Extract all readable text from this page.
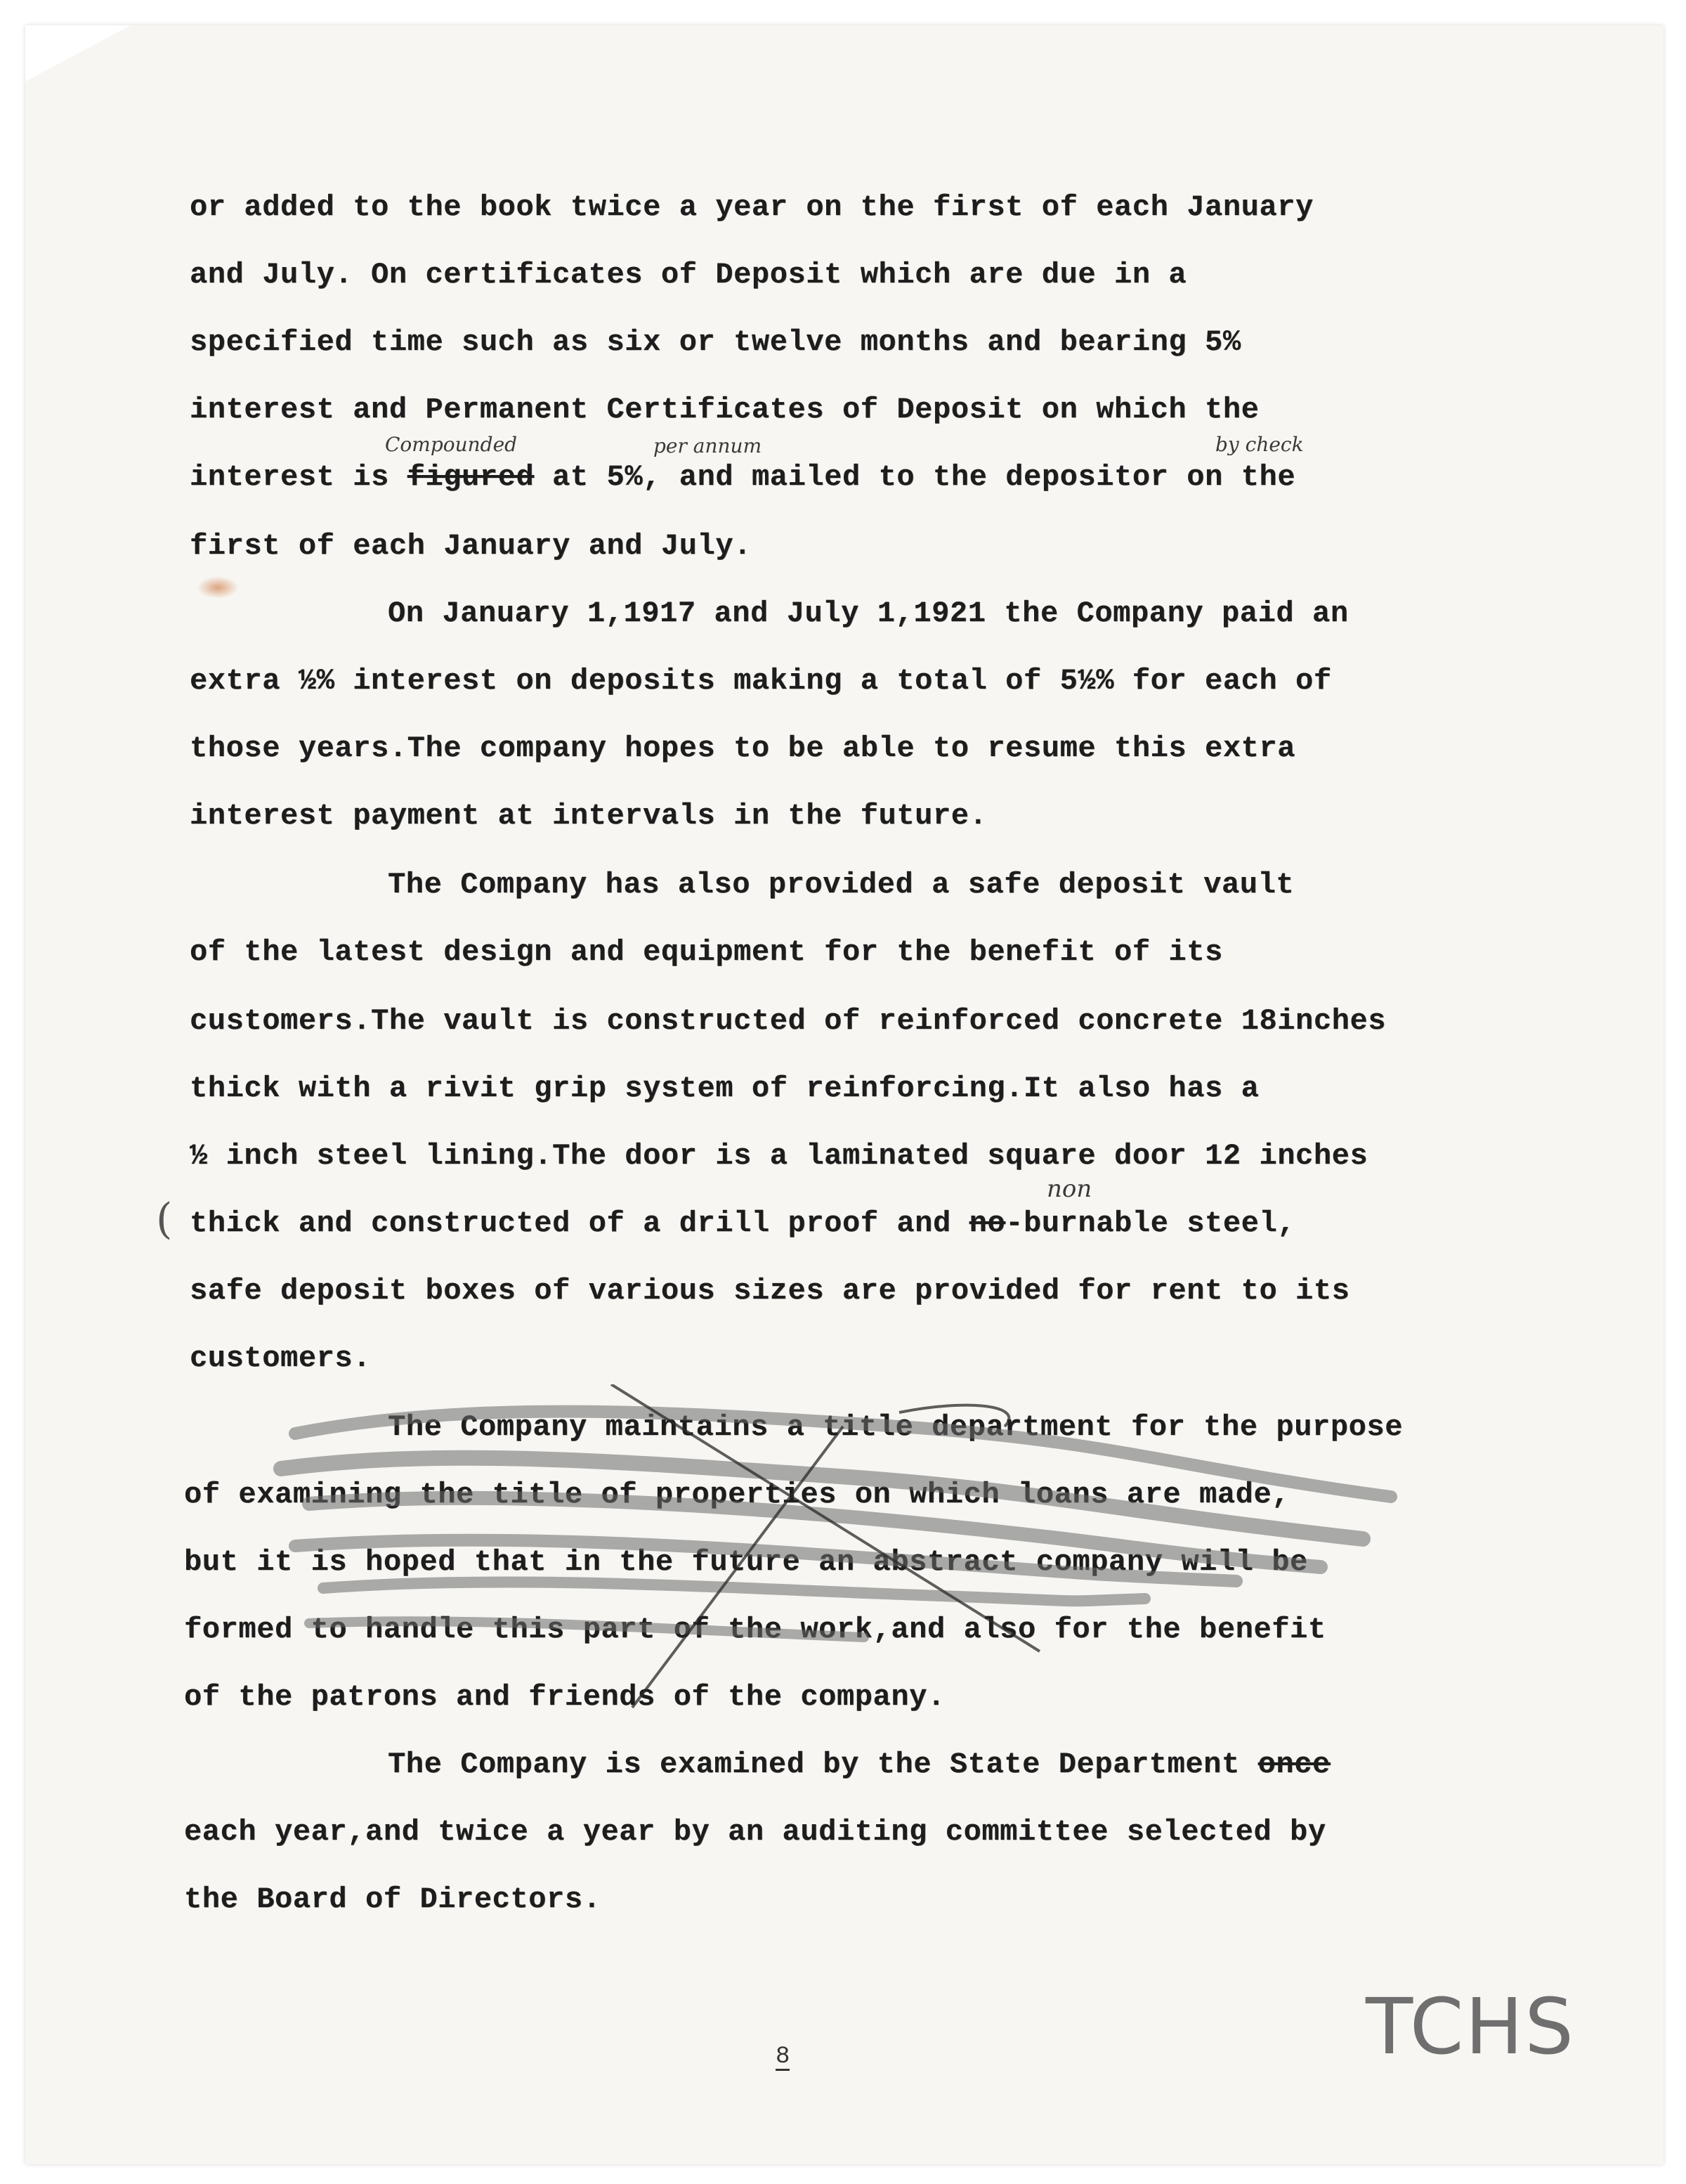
or added to the book twice a year on the first of each January
and July. On certificates of Deposit which are due in a
specified time such as six or twelve months and bearing 5%
interest and Permanent Certificates of Deposit on which the
interest is figured at 5%, and mailed to the depositor on the
Compounded	per annum	by check
first of each January and July.
On January 1,1917 and July 1,1921 the Company paid an
extra ½% interest on deposits making a total of 5½% for each of
those years.The company hopes to be able to resume this extra
interest payment at intervals in the future.
The Company has also provided a safe deposit vault
of the latest design and equipment for the benefit of its
customers.The vault is constructed of reinforced concrete 18inches
thick with a rivit grip system of reinforcing.It also has a
½ inch steel lining.The door is a laminated square door 12 inches
( thick and constructed of a drill proof and no-burnable steel,
non
safe deposit boxes of various sizes are provided for rent to its
customers.
The Company maintains a title department for the purpose
of examining the title of properties on which loans are made,
but it is hoped that in the future an abstract company will be
formed to handle this part of the work,and also for the benefit
of the patrons and friends of the company.
The Company is examined by the State Department once
each year,and twice a year by an auditing committee selected by
the Board of Directors.
8	TCHS
